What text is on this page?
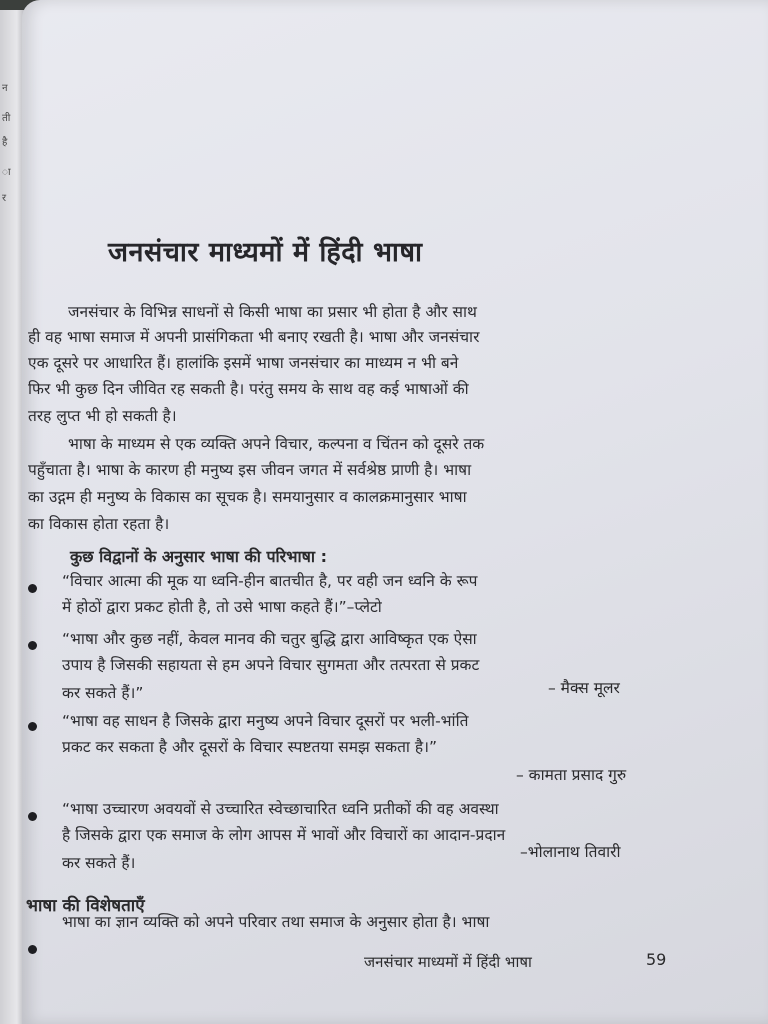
न
ती
है
ा
र
जनसंचार माध्यमों में हिंदी भाषा
जनसंचार के विभिन्न साधनों से किसी भाषा का प्रसार भी होता है और साथ
ही वह भाषा समाज में अपनी प्रासंगिकता भी बनाए रखती है। भाषा और जनसंचार
एक दूसरे पर आधारित हैं। हालांकि इसमें भाषा जनसंचार का माध्यम न भी बने
फिर भी कुछ दिन जीवित रह सकती है। परंतु समय के साथ वह कई भाषाओं की
तरह लुप्त भी हो सकती है।
भाषा के माध्यम से एक व्यक्ति अपने विचार, कल्पना व चिंतन को दूसरे तक
पहुँचाता है। भाषा के कारण ही मनुष्य इस जीवन जगत में सर्वश्रेष्ठ प्राणी है। भाषा
का उद्गम ही मनुष्य के विकास का सूचक है। समयानुसार व कालक्रमानुसार भाषा
का विकास होता रहता है।
कुछ विद्वानों के अनुसार भाषा की परिभाषा :
“विचार आत्मा की मूक या ध्वनि-हीन बातचीत है, पर वही जन ध्वनि के रूप
में होठों द्वारा प्रकट होती है, तो उसे भाषा कहते हैं।”–प्लेटो
“भाषा और कुछ नहीं, केवल मानव की चतुर बुद्धि द्वारा आविष्कृत एक ऐसा
उपाय है जिसकी सहायता से हम अपने विचार सुगमता और तत्परता से प्रकट
कर सकते हैं।”	– मैक्स मूलर
“भाषा वह साधन है जिसके द्वारा मनुष्य अपने विचार दूसरों पर भली-भांति
प्रकट कर सकता है और दूसरों के विचार स्पष्टतया समझ सकता है।”
– कामता प्रसाद गुरु
“भाषा उच्चारण अवयवों से उच्चारित स्वेच्छाचारित ध्वनि प्रतीकों की वह अवस्था
है जिसके द्वारा एक समाज के लोग आपस में भावों और विचारों का आदान-प्रदान
कर सकते हैं।
–भोलानाथ तिवारी
भाषा की विशेषताएँ
भाषा का ज्ञान व्यक्ति को अपने परिवार तथा समाज के अनुसार होता है। भाषा
जनसंचार माध्यमों में हिंदी भाषा	59
